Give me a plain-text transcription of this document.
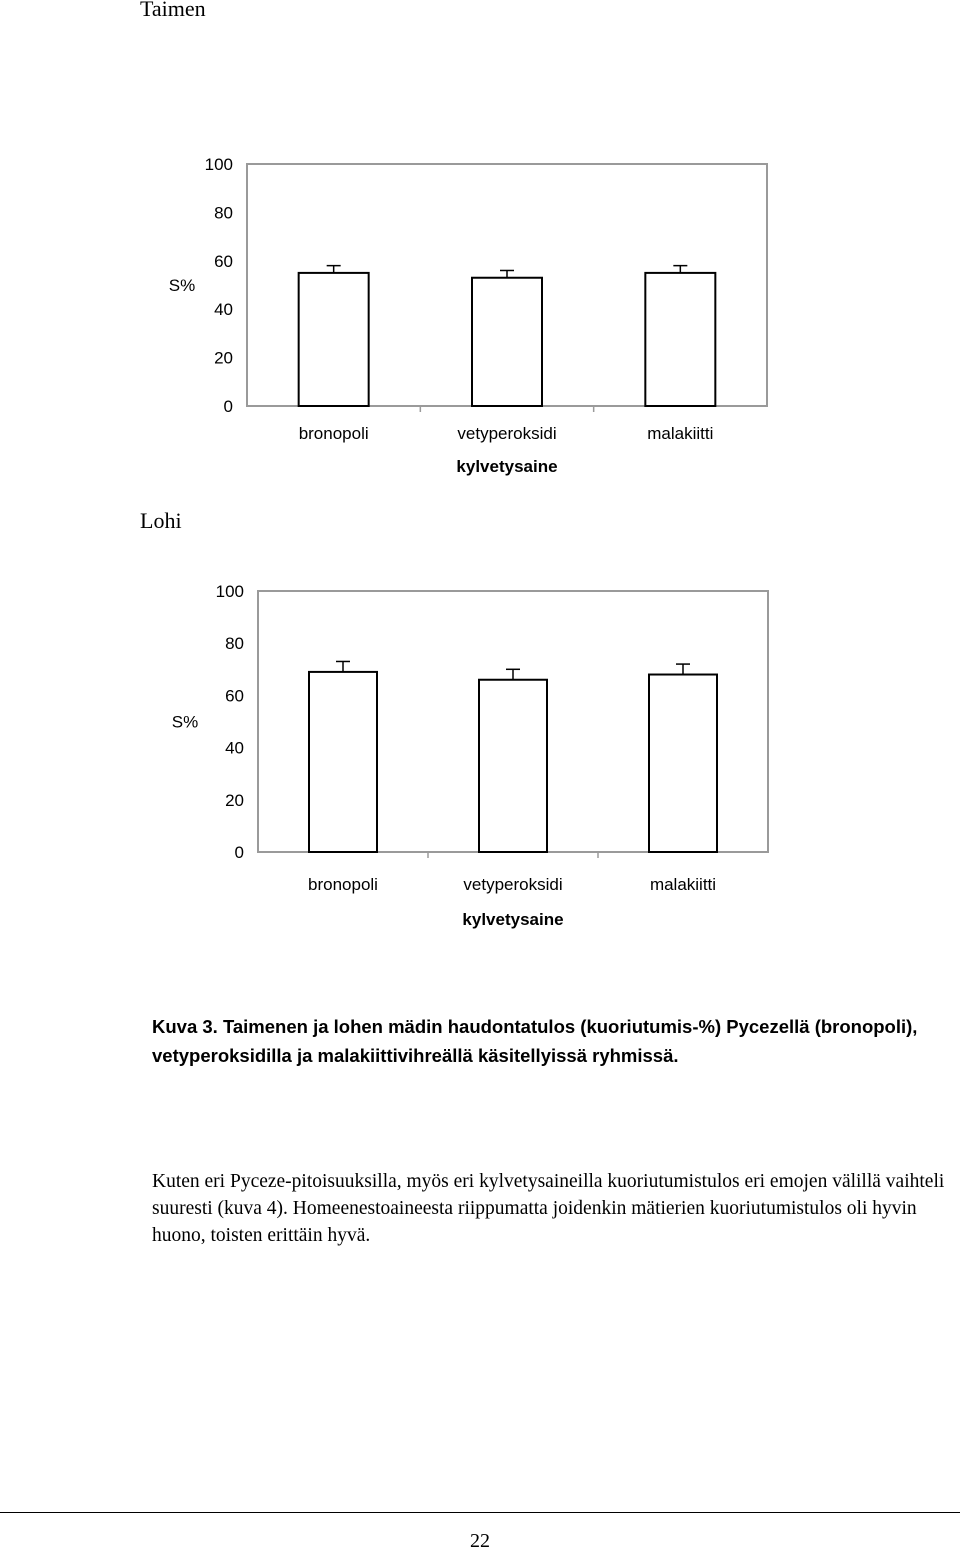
Taimen
100
80
60
40
20
0
S%
bronopoli	vetyperoksidi	malakiitti
kylvetysaine
Lohi
100
80
60
40
20
0
S%
bronopoli	vetyperoksidi	malakiitti
kylvetysaine

Kuva 3. Taimenen ja lohen mädin haudontatulos (kuoriutumis-%) Pycezellä (bronopoli), vetyperoksidilla ja malakiittivihreällä käsitellyissä ryhmissä.

Kuten eri Pyceze-pitoisuuksilla, myös eri kylvetysaineilla kuoriutumistulos eri emojen välillä vaihteli suuresti (kuva 4). Homeenestoaineesta riippumatta joidenkin mätierien kuoriutumistulos oli hyvin huono, toisten erittäin hyvä.

22
